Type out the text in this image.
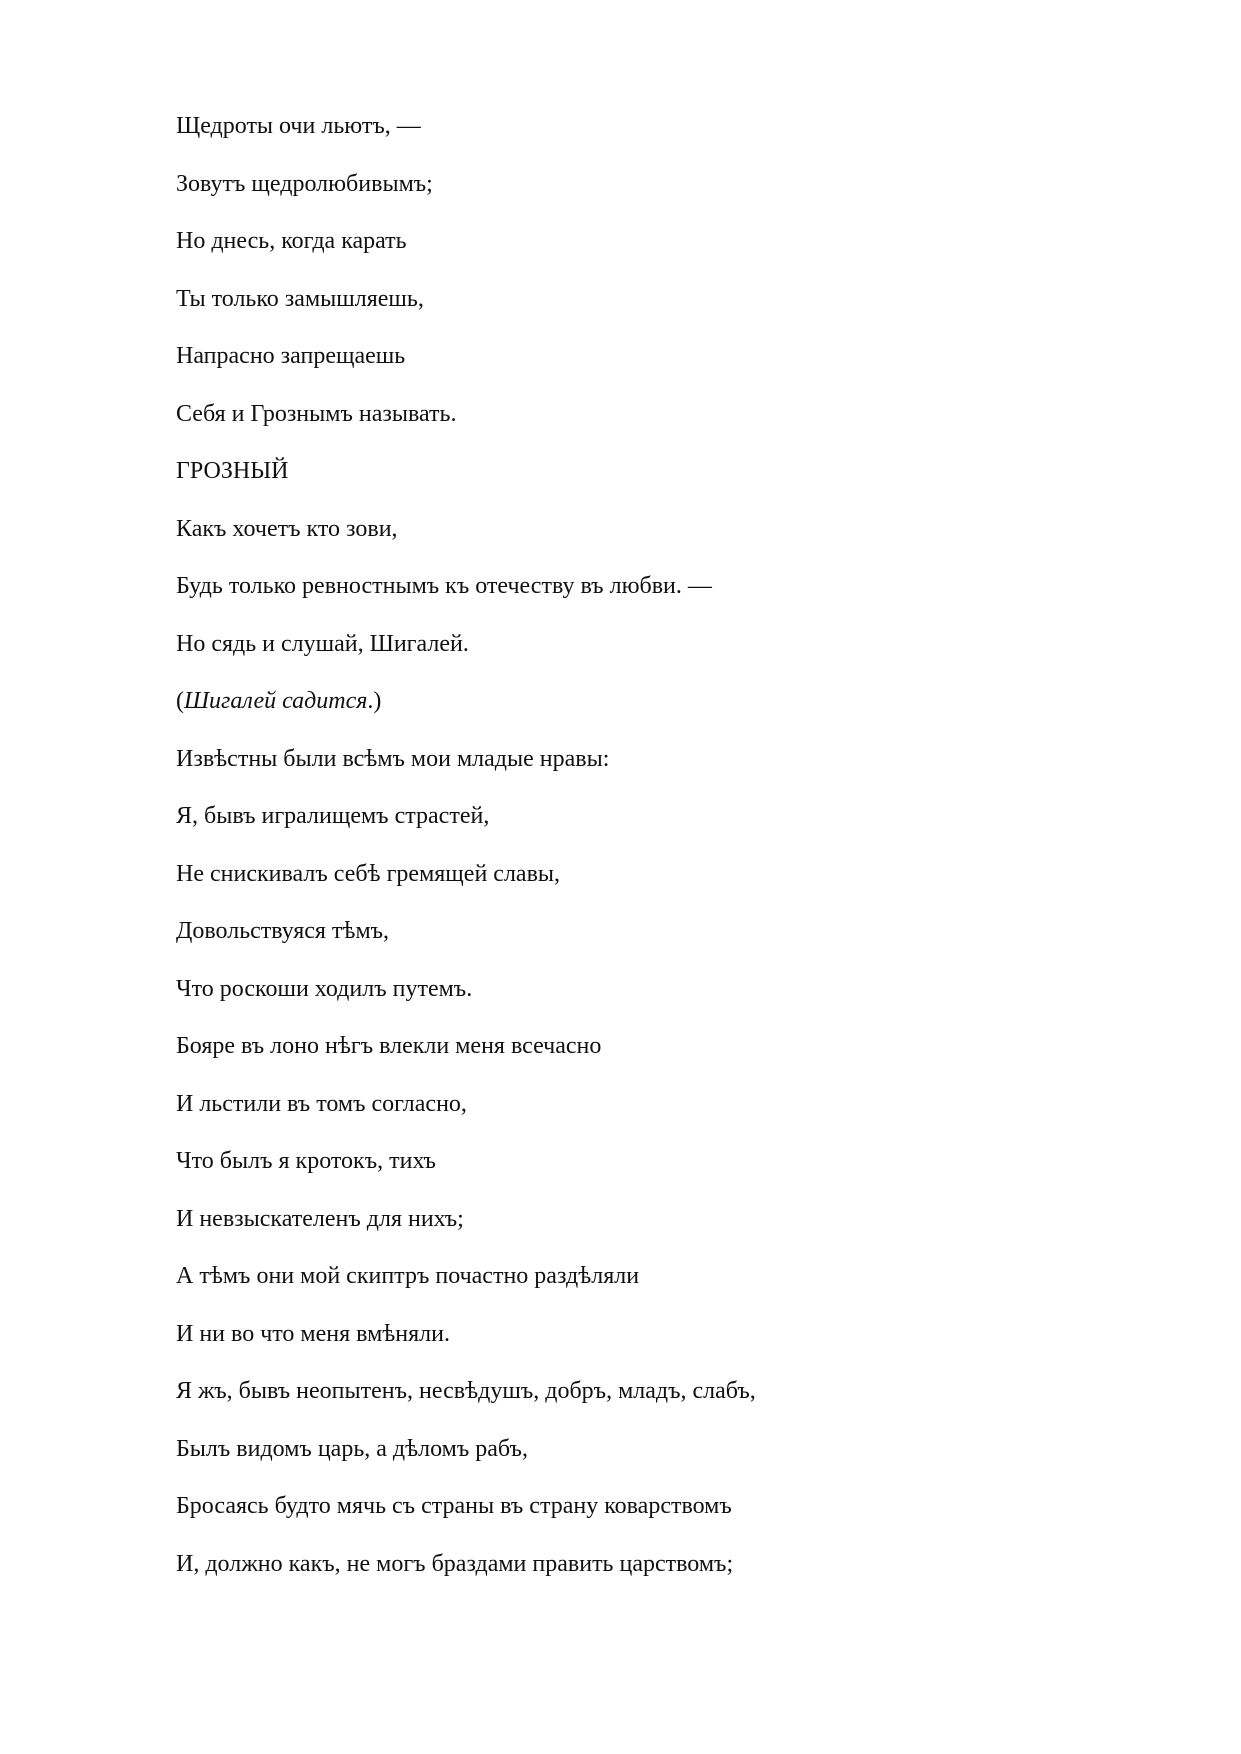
Щедроты очи льютъ, —
Зовутъ щедролюбивымъ;
Но днесь, когда карать
Ты только замышляешь,
Напрасно запрещаешь
Себя и Грознымъ называть.
ГРОЗНЫЙ
Какъ хочетъ кто зови,
Будь только ревностнымъ къ отечеству въ любви. —
Но сядь и слушай, Шигалей.
(Шигалей садится.)
Извѣстны были всѣмъ мои младые нравы:
Я, бывъ игралищемъ страстей,
Не снискивалъ себѣ гремящей славы,
Довольствуяся тѣмъ,
Что роскоши ходилъ путемъ.
Бояре въ лоно нѣгъ влекли меня всечасно
И льстили въ томъ согласно,
Что былъ я кротокъ, тихъ
И невзыскателенъ для нихъ;
А тѣмъ они мой скиптръ почастно раздѣляли
И ни во что меня вмѣняли.
Я жъ, бывъ неопытенъ, несвѣдушъ, добръ, младъ, слабъ,
Былъ видомъ царь, а дѣломъ рабъ,
Бросаясь будто мячь съ страны въ страну коварствомъ
И, должно какъ, не могъ браздами править царствомъ;
